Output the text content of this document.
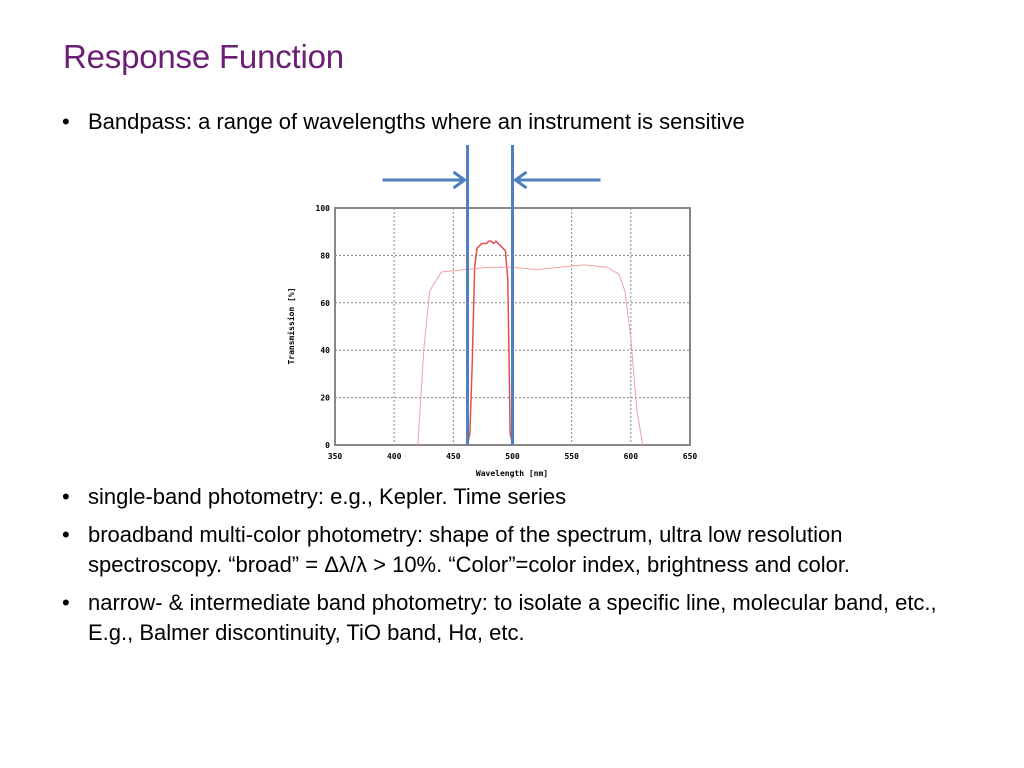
Response Function
• Bandpass: a range of wavelengths where an instrument is sensitive
350	400	450	500	550	600	650
0
20
40
60
80
100
Wavelength [nm]
Transmission [%]
• single-band photometry: e.g., Kepler. Time series
• broadband multi-color photometry: shape of the spectrum, ultra low resolution spectroscopy. “broad” = Δλ/λ > 10%. “Color”=color index, brightness and color.
• narrow- & intermediate band photometry: to isolate a specific line, molecular band, etc., E.g., Balmer discontinuity, TiO band, Hα, etc.
